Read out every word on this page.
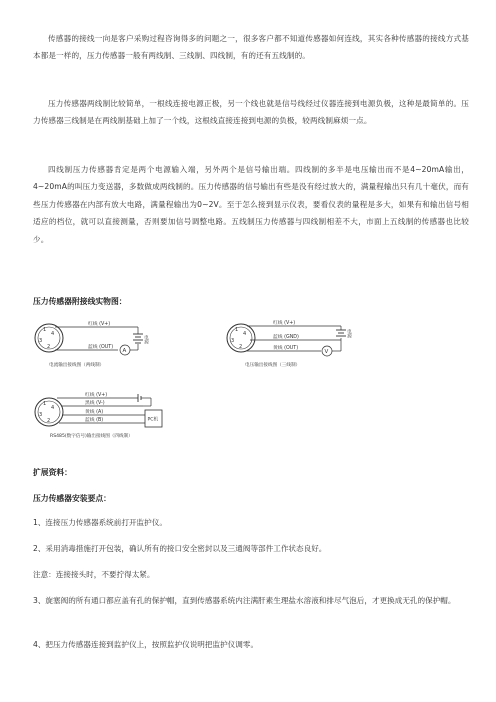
传感器的接线一向是客户采购过程咨询得多的问题之一，很多客户都不知道传感器如何连线，其实各种传感器的接线方式基本都是一样的，压力传感器一般有两线制、三线制、四线制，有的还有五线制的。
压力传感器两线制比较简单，一根线连接电源正极，另一个线也就是信号线经过仪器连接到电源负极，这种是最简单的。压力传感器三线制是在两线制基础上加了一个线，这根线直接连接到电源的负极，较两线制麻烦一点。
四线制压力传感器肯定是两个电源输入端，另外两个是信号输出端。四线制的多半是电压输出而不是4~20mA输出，4~20mA的叫压力变送器，多数做成两线制的。压力传感器的信号输出有些是没有经过放大的，满量程输出只有几十毫伏，而有些压力传感器在内部有放大电路，满量程输出为0~2V。至于怎么接到显示仪表，要看仪表的量程是多大，如果有和输出信号相适应的档位，就可以直接测量，否则要加信号调整电路。五线制压力传感器与四线制相差不大，市面上五线制的传感器也比较少。
压力传感器附接线实物图：
1
4
3
2
红线 (V+)
蓝线 (OUT)
A
电源
电流输出接线图（两线制）
1
4
3
2
红线 (V+)
蓝线 (GND)
黄线 (OUT)
V
电源
电压输出接线图（三线制）
1
4
3
2
红线 (V+)
黑线 (V-)
黄线 (A)
蓝线 (B)	PC机
RS485(数字信号)输出接线图（四线制）
扩展资料：
压力传感器安装要点：
1、连接压力传感器系统前打开监护仪。
2、采用消毒措施打开包装，确认所有的接口安全密封以及三通阀等部件工作状态良好。
注意：连接接头时，不要拧得太紧。
3、旋塞阀的所有通口都应盖有孔的保护帽，直到传感器系统内注满肝素生理盐水溶液和排尽气泡后，才更换成无孔的保护帽。
4、把压力传感器连接到监护仪上，按照监护仪说明把监护仪调零。
